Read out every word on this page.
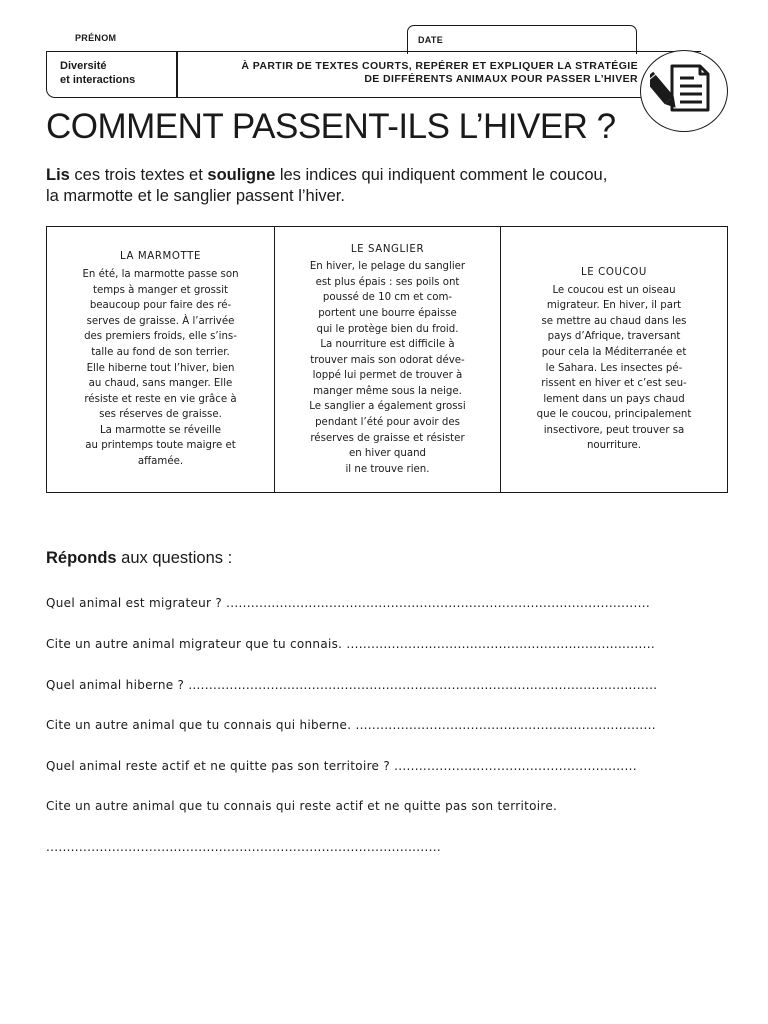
PRÉNOM	DATE
Diversité
et interactions
À PARTIR DE TEXTES COURTS, REPÉRER ET EXPLIQUER LA STRATÉGIE
DE DIFFÉRENTS ANIMAUX POUR PASSER L’HIVER
COMMENT PASSENT-ILS L’HIVER ?
Lis ces trois textes et souligne les indices qui indiquent comment le coucou,
la marmotte et le sanglier passent l’hiver.
LA MARMOTTE
En été, la marmotte passe son
temps à manger et grossit
beaucoup pour faire des ré-
serves de graisse. À l’arrivée
des premiers froids, elle s’ins-
talle au fond de son terrier.
Elle hiberne tout l’hiver, bien
au chaud, sans manger. Elle
résiste et reste en vie grâce à
ses réserves de graisse.
La marmotte se réveille
au printemps toute maigre et
affamée.
LE SANGLIER
En hiver, le pelage du sanglier
est plus épais : ses poils ont
poussé de 10 cm et com-
portent une bourre épaisse
qui le protège bien du froid.
La nourriture est difficile à
trouver mais son odorat déve-
loppé lui permet de trouver à
manger même sous la neige.
Le sanglier a également grossi
pendant l’été pour avoir des
réserves de graisse et résister
en hiver quand
il ne trouve rien.
LE COUCOU
Le coucou est un oiseau
migrateur. En hiver, il part
se mettre au chaud dans les
pays d’Afrique, traversant
pour cela la Méditerranée et
le Sahara. Les insectes pé-
rissent en hiver et c’est seu-
lement dans un pays chaud
que le coucou, principalement
insectivore, peut trouver sa
nourriture.
Réponds aux questions :
Quel animal est migrateur ? .......................................................................................................
Cite un autre animal migrateur que tu connais. ...........................................................................
Quel animal hiberne ? ..................................................................................................................
Cite un autre animal que tu connais qui hiberne. .........................................................................
Quel animal reste actif et ne quitte pas son territoire ? ...........................................................
Cite un autre animal que tu connais qui reste actif et ne quitte pas son territoire.
................................................................................................
